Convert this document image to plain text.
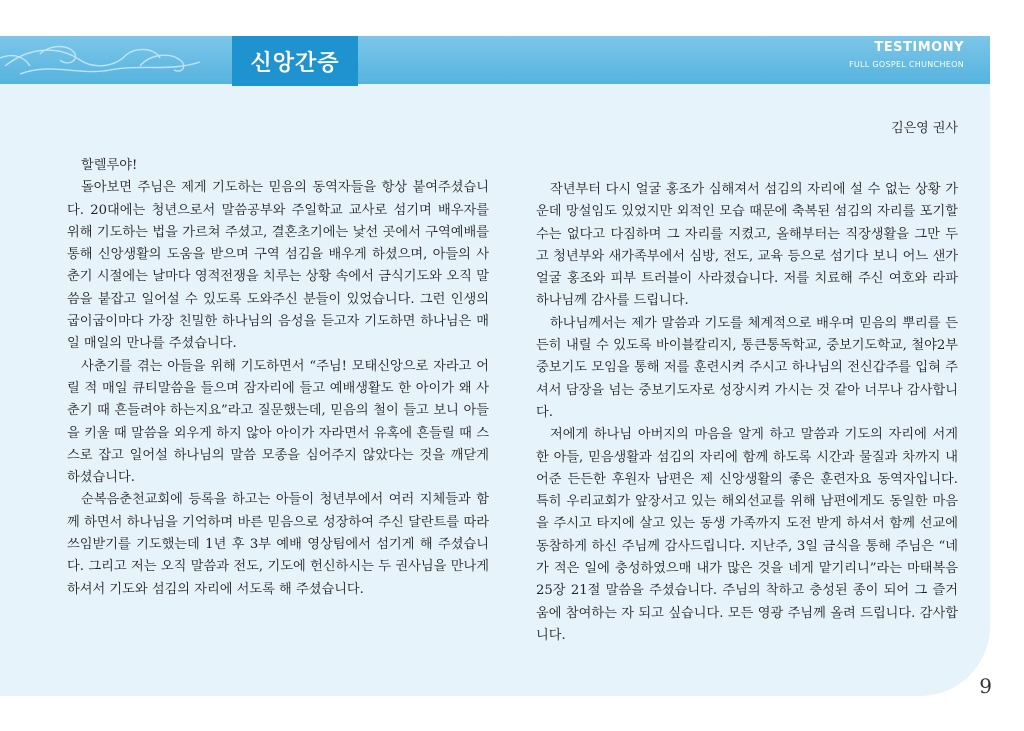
신앙간증
TESTIMONY
FULL GOSPEL CHUNCHEON
김은영 권사

할렐루야!

돌아보면 주님은 제게 기도하는 믿음의 동역자들을 항상 붙여주셨습니다. 20대에는 청년으로서 말씀공부와 주일학교 교사로 섬기며 배우자를 위해 기도하는 법을 가르쳐 주셨고, 결혼초기에는 낯선 곳에서 구역예배를 통해 신앙생활의 도움을 받으며 구역 섬김을 배우게 하셨으며, 아들의 사춘기 시절에는 날마다 영적전쟁을 치루는 상황 속에서 금식기도와 오직 말씀을 붙잡고 일어설 수 있도록 도와주신 분들이 있었습니다. 그런 인생의 굽이굽이마다 가장 친밀한 하나님의 음성을 듣고자 기도하면 하나님은 매일 매일의 만나를 주셨습니다.

사춘기를 겪는 아들을 위해 기도하면서 “주님! 모태신앙으로 자라고 어릴 적 매일 큐티말씀을 들으며 잠자리에 들고 예배생활도 한 아이가 왜 사춘기 때 흔들려야 하는지요”라고 질문했는데, 믿음의 철이 들고 보니 아들을 키울 때 말씀을 외우게 하지 않아 아이가 자라면서 유혹에 흔들릴 때 스스로 잡고 일어설 하나님의 말씀 모종을 심어주지 않았다는 것을 깨닫게 하셨습니다.

순복음춘천교회에 등록을 하고는 아들이 청년부에서 여러 지체들과 함께 하면서 하나님을 기억하며 바른 믿음으로 성장하여 주신 달란트를 따라 쓰임받기를 기도했는데 1년 후 3부 예배 영상팀에서 섬기게 해 주셨습니다. 그리고 저는 오직 말씀과 전도, 기도에 헌신하시는 두 권사님을 만나게 하셔서 기도와 섬김의 자리에 서도록 해 주셨습니다.

작년부터 다시 얼굴 홍조가 심해져서 섬김의 자리에 설 수 없는 상황 가운데 망설임도 있었지만 외적인 모습 때문에 축복된 섬김의 자리를 포기할 수는 없다고 다짐하며 그 자리를 지켰고, 올해부터는 직장생활을 그만 두고 청년부와 새가족부에서 심방, 전도, 교육 등으로 섬기다 보니 어느 샌가 얼굴 홍조와 피부 트러블이 사라졌습니다. 저를 치료해 주신 여호와 라파 하나님께 감사를 드립니다.

하나님께서는 제가 말씀과 기도를 체계적으로 배우며 믿음의 뿌리를 든든히 내릴 수 있도록 바이블칼리지, 통큰통독학교, 중보기도학교, 철야2부 중보기도 모임을 통해 저를 훈련시켜 주시고 하나님의 전신갑주를 입혀 주셔서 담장을 넘는 중보기도자로 성장시켜 가시는 것 같아 너무나 감사합니다.

저에게 하나님 아버지의 마음을 알게 하고 말씀과 기도의 자리에 서게 한 아들, 믿음생활과 섬김의 자리에 함께 하도록 시간과 물질과 차까지 내어준 든든한 후원자 남편은 제 신앙생활의 좋은 훈련자요 동역자입니다. 특히 우리교회가 앞장서고 있는 해외선교를 위해 남편에게도 동일한 마음을 주시고 타지에 살고 있는 동생 가족까지 도전 받게 하셔서 함께 선교에 동참하게 하신 주님께 감사드립니다. 지난주, 3일 금식을 통해 주님은 “네가 적은 일에 충성하였으매 내가 많은 것을 네게 맡기리니”라는 마태복음 25장 21절 말씀을 주셨습니다. 주님의 착하고 충성된 종이 되어 그 즐거움에 참여하는 자 되고 싶습니다. 모든 영광 주님께 올려 드립니다. 감사합니다.

9
